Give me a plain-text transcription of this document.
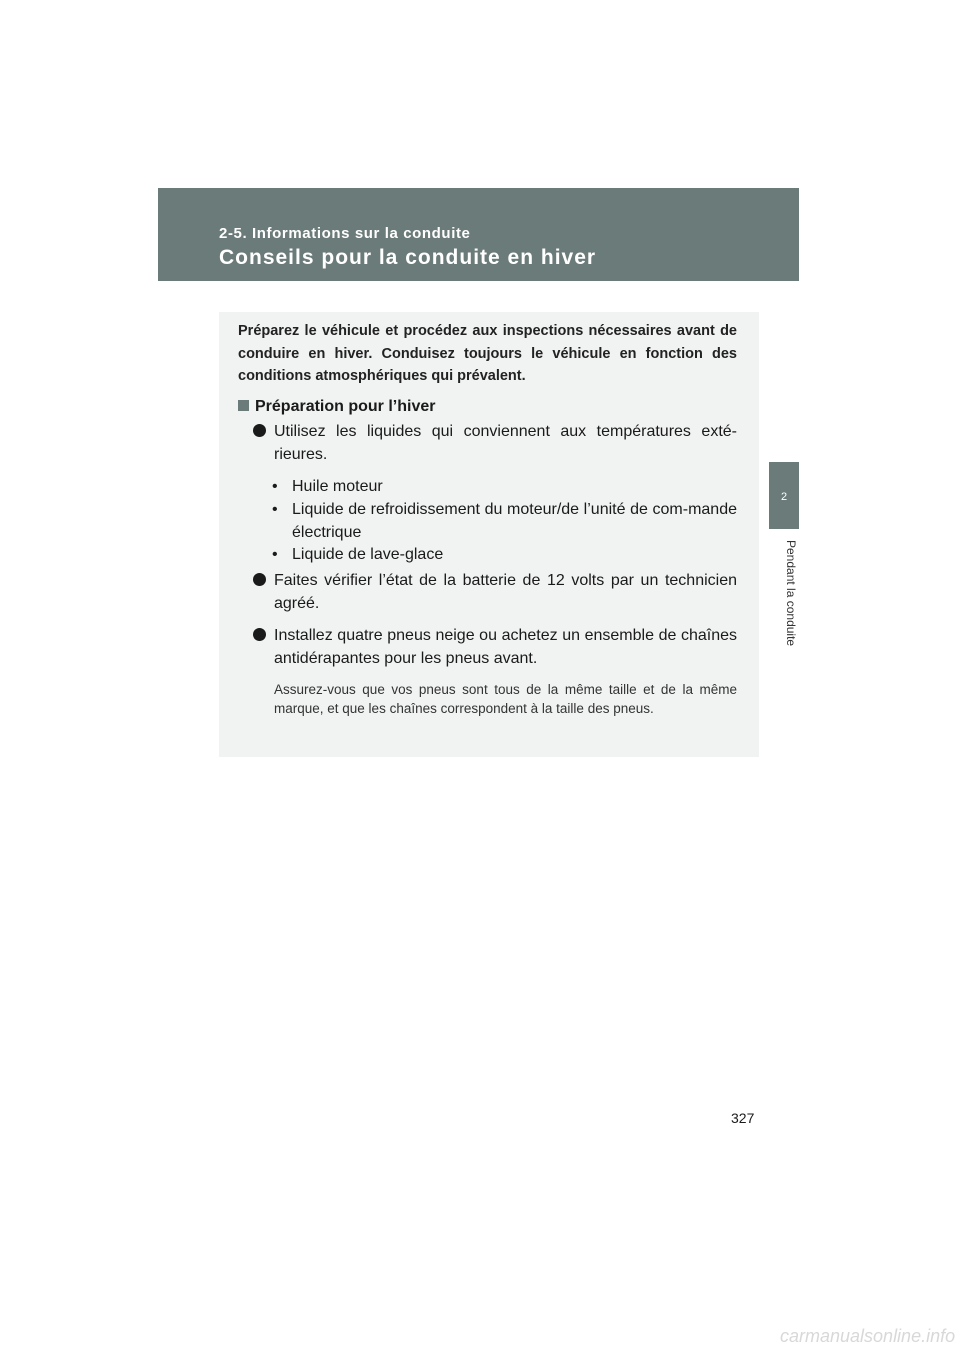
2-5. Informations sur la conduite
Conseils pour la conduite en hiver
2
Pendant la conduite

Préparez le véhicule et procédez aux inspections nécessaires avant de conduire en hiver. Conduisez toujours le véhicule en fonction des conditions atmosphériques qui prévalent.

Préparation pour l’hiver
Utilisez les liquides qui conviennent aux températures exté-rieures.
• Huile moteur
• Liquide de refroidissement du moteur/de l’unité de com-mande électrique
• Liquide de lave-glace
Faites vérifier l’état de la batterie de 12 volts par un technicien agréé.
Installez quatre pneus neige ou achetez un ensemble de chaînes antidérapantes pour les pneus avant.

Assurez-vous que vos pneus sont tous de la même taille et de la même marque, et que les chaînes correspondent à la taille des pneus.

327
carmanualsonline.info
